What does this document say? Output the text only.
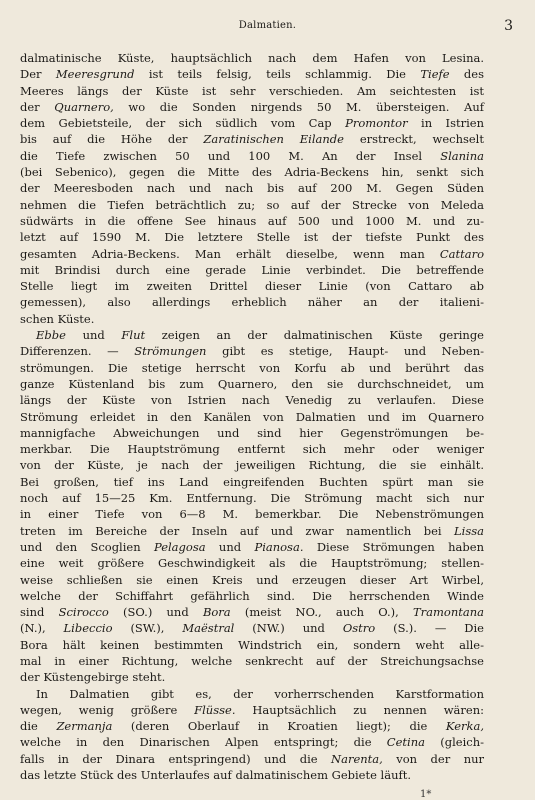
Dalmatien.	3
dalmatinische Küste, hauptsächlich nach dem Hafen von Lesina.
Der Meeresgrund ist teils felsig, teils schlammig. Die Tiefe des
Meeres längs der Küste ist sehr verschieden. Am seichtesten ist
der Quarnero, wo die Sonden nirgends 50 M. übersteigen. Auf
dem Gebietsteile, der sich südlich vom Cap Promontor in Istrien
bis auf die Höhe der Zaratinischen Eilande erstreckt, wechselt
die Tiefe zwischen 50 und 100 M. An der Insel Slanina
(bei Sebenico), gegen die Mitte des Adria-Beckens hin, senkt sich
der Meeresboden nach und nach bis auf 200 M. Gegen Süden
nehmen die Tiefen beträchtlich zu; so auf der Strecke von Meleda
südwärts in die offene See hinaus auf 500 und 1000 M. und zu-
letzt auf 1590 M. Die letztere Stelle ist der tiefste Punkt des
gesamten Adria-Beckens. Man erhält dieselbe, wenn man Cattaro
mit Brindisi durch eine gerade Linie verbindet. Die betreffende
Stelle liegt im zweiten Drittel dieser Linie (von Cattaro ab
gemessen), also allerdings erheblich näher an der italieni-
schen Küste.
Ebbe und Flut zeigen an der dalmatinischen Küste geringe
Differenzen. — Strömungen gibt es stetige, Haupt- und Neben-
strömungen. Die stetige herrscht von Korfu ab und berührt das
ganze Küstenland bis zum Quarnero, den sie durchschneidet, um
längs der Küste von Istrien nach Venedig zu verlaufen. Diese
Strömung erleidet in den Kanälen von Dalmatien und im Quarnero
mannigfache Abweichungen und sind hier Gegenströmungen be-
merkbar. Die Hauptströmung entfernt sich mehr oder weniger
von der Küste, je nach der jeweiligen Richtung, die sie einhält.
Bei großen, tief ins Land eingreifenden Buchten spürt man sie
noch auf 15—25 Km. Entfernung. Die Strömung macht sich nur
in einer Tiefe von 6—8 M. bemerkbar. Die Nebenströmungen
treten im Bereiche der Inseln auf und zwar namentlich bei Lissa
und den Scoglien Pelagosa und Pianosa. Diese Strömungen haben
eine weit größere Geschwindigkeit als die Hauptströmung; stellen-
weise schließen sie einen Kreis und erzeugen dieser Art Wirbel,
welche der Schiffahrt gefährlich sind. Die herrschenden Winde
sind Scirocco (SO.) und Bora (meist NO., auch O.), Tramontana
(N.), Libeccio (SW.), Maëstral (NW.) und Ostro (S.). — Die
Bora hält keinen bestimmten Windstrich ein, sondern weht alle-
mal in einer Richtung, welche senkrecht auf der Streichungsachse
der Küstengebirge steht.
In Dalmatien gibt es, der vorherrschenden Karstformation
wegen, wenig größere Flüsse. Hauptsächlich zu nennen wären:
die Zermanja (deren Oberlauf in Kroatien liegt); die Kerka,
welche in den Dinarischen Alpen entspringt; die Cetina (gleich-
falls in der Dinara entspringend) und die Narenta, von der nur
das letzte Stück des Unterlaufes auf dalmatinischem Gebiete läuft.
1*
